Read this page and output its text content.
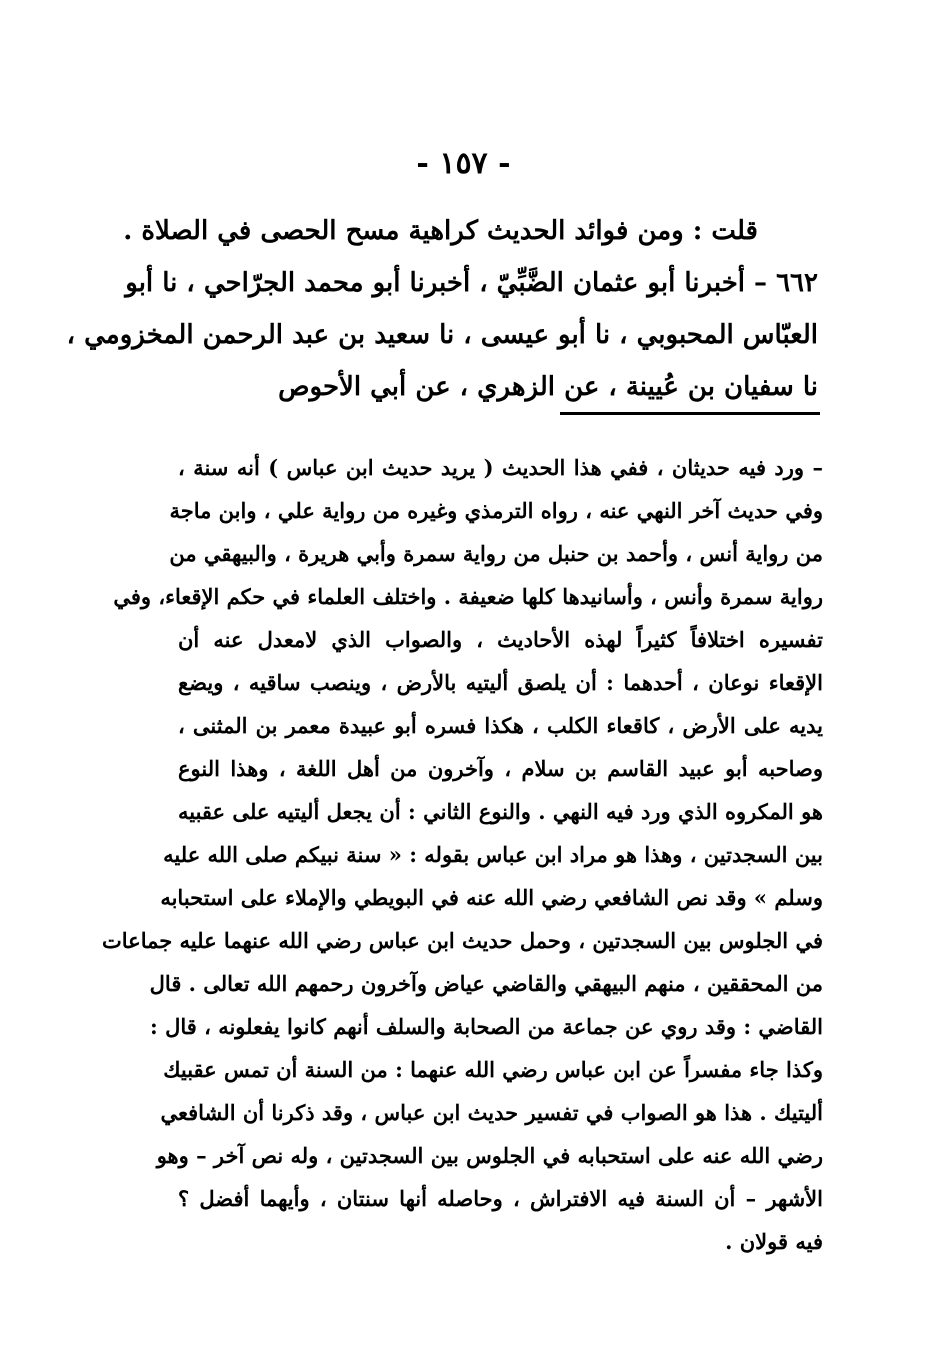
- ١٥٧ -
قلت : ومن فوائد الحديث كراهية مسح الحصى في الصلاة .
٦٦٢ – أخبرنا أبو عثمان الضَّبِّيّ ، أخبرنا أبو محمد الجرّاحي ، نا أبو
العبّاس المحبوبي ، نا أبو عيسى ، نا سعيد بن عبد الرحمن المخزومي ،
نا سفيان بن عُيينة ، عن الزهري ، عن أبي الأحوص
– ورد فيه حديثان ، ففي هذا الحديث ( يريد حديث ابن عباس ) أنه سنة ،
وفي حديث آخر النهي عنه ، رواه الترمذي وغيره من رواية علي ، وابن ماجة
من رواية أنس ، وأحمد بن حنبل من رواية سمرة وأبي هريرة ، والبيهقي من
رواية سمرة وأنس ، وأسانيدها كلها ضعيفة . واختلف العلماء في حكم الإقعاء، وفي
تفسيره اختلافاً كثيراً لهذه الأحاديث ، والصواب الذي لامعدل عنه أن
الإقعاء نوعان ، أحدهما : أن يلصق أليتيه بالأرض ، وينصب ساقيه ، ويضع
يديه على الأرض ، كاقعاء الكلب ، هكذا فسره أبو عبيدة معمر بن المثنى ،
وصاحبه أبو عبيد القاسم بن سلام ، وآخرون من أهل اللغة ، وهذا النوع
هو المكروه الذي ورد فيه النهي . والنوع الثاني : أن يجعل أليتيه على عقبيه
بين السجدتين ، وهذا هو مراد ابن عباس بقوله : « سنة نبيكم صلى الله عليه
وسلم » وقد نص الشافعي رضي الله عنه في البويطي والإملاء على استحبابه
في الجلوس بين السجدتين ، وحمل حديث ابن عباس رضي الله عنهما عليه جماعات
من المحققين ، منهم البيهقي والقاضي عياض وآخرون رحمهم الله تعالى . قال
القاضي : وقد روي عن جماعة من الصحابة والسلف أنهم كانوا يفعلونه ، قال :
وكذا جاء مفسراً عن ابن عباس رضي الله عنهما : من السنة أن تمس عقبيك
أليتيك . هذا هو الصواب في تفسير حديث ابن عباس ، وقد ذكرنا أن الشافعي
رضي الله عنه على استحبابه في الجلوس بين السجدتين ، وله نص آخر – وهو
الأشهر – أن السنة فيه الافتراش ، وحاصله أنها سنتان ، وأيهما أفضل ؟
فيه قولان .
